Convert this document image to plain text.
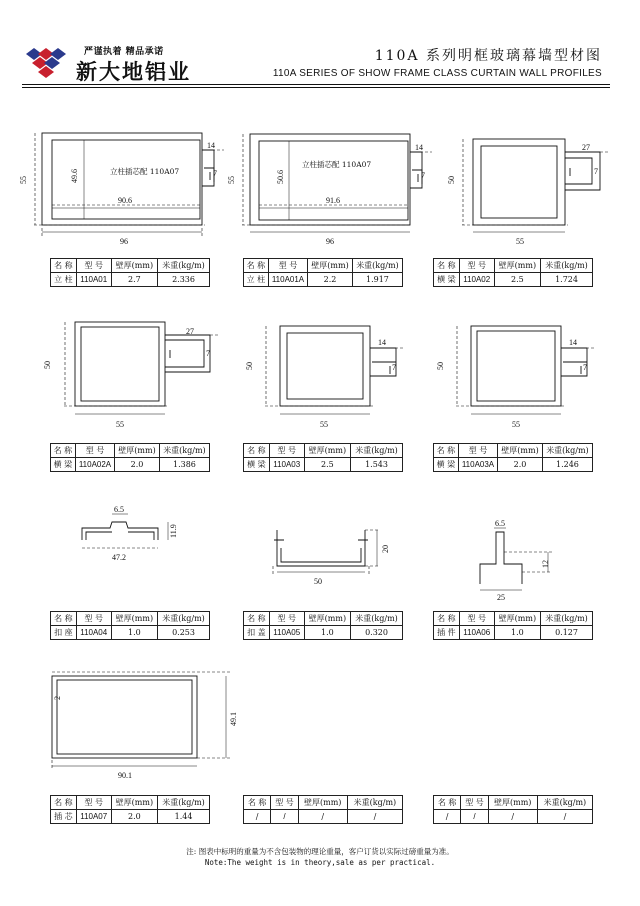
严谨执着 精品承诺
新大地铝业
110A 系列明框玻璃幕墙型材图
110A SERIES OF SHOW FRAME CLASS CURTAIN WALL PROFILES
55	49.6
90.6
96
14
7
立柱插芯配 110A07
55	50.6
91.6
96
14
7
立柱插芯配 110A07
50
55
27
7
50
55
27
7
50
55
14
7	50
55
14
7
6.5
47.2
11.9
50
20
6.5
12
25
2
90.1
49.1
名 称	型 号	壁厚(mm)	米重(kg/m)
立 柱	110A01	2.7	2.336
名 称	型 号	壁厚(mm)	米重(kg/m)
立 柱	110A01A	2.2	1.917
名 称	型 号	壁厚(mm)	米重(kg/m)
横 梁	110A02	2.5	1.724
名 称	型 号	壁厚(mm)	米重(kg/m)
横 梁	110A02A	2.0	1.386
名 称	型 号	壁厚(mm)	米重(kg/m)
横 梁	110A03	2.5	1.543
名 称	型 号	壁厚(mm)	米重(kg/m)
横 梁	110A03A	2.0	1.246
名 称	型 号	壁厚(mm)	米重(kg/m)
扣 座	110A04	1.0	0.253
名 称	型 号	壁厚(mm)	米重(kg/m)
扣 盖	110A05	1.0	0.320
名 称	型 号	壁厚(mm)	米重(kg/m)
插 件	110A06	1.0	0.127
名 称	型 号	壁厚(mm)	米重(kg/m)
插 芯	110A07	2.0	1.44
名 称	型 号	壁厚(mm)	米重(kg/m)
/	/	/	/
名 称	型 号	壁厚(mm)	米重(kg/m)
/	/	/	/
注: 图表中标明的重量为不含包装物的理论重量，客户订货以实际过磅重量为准。
Note:The weight is in theory,sale as per practical.
